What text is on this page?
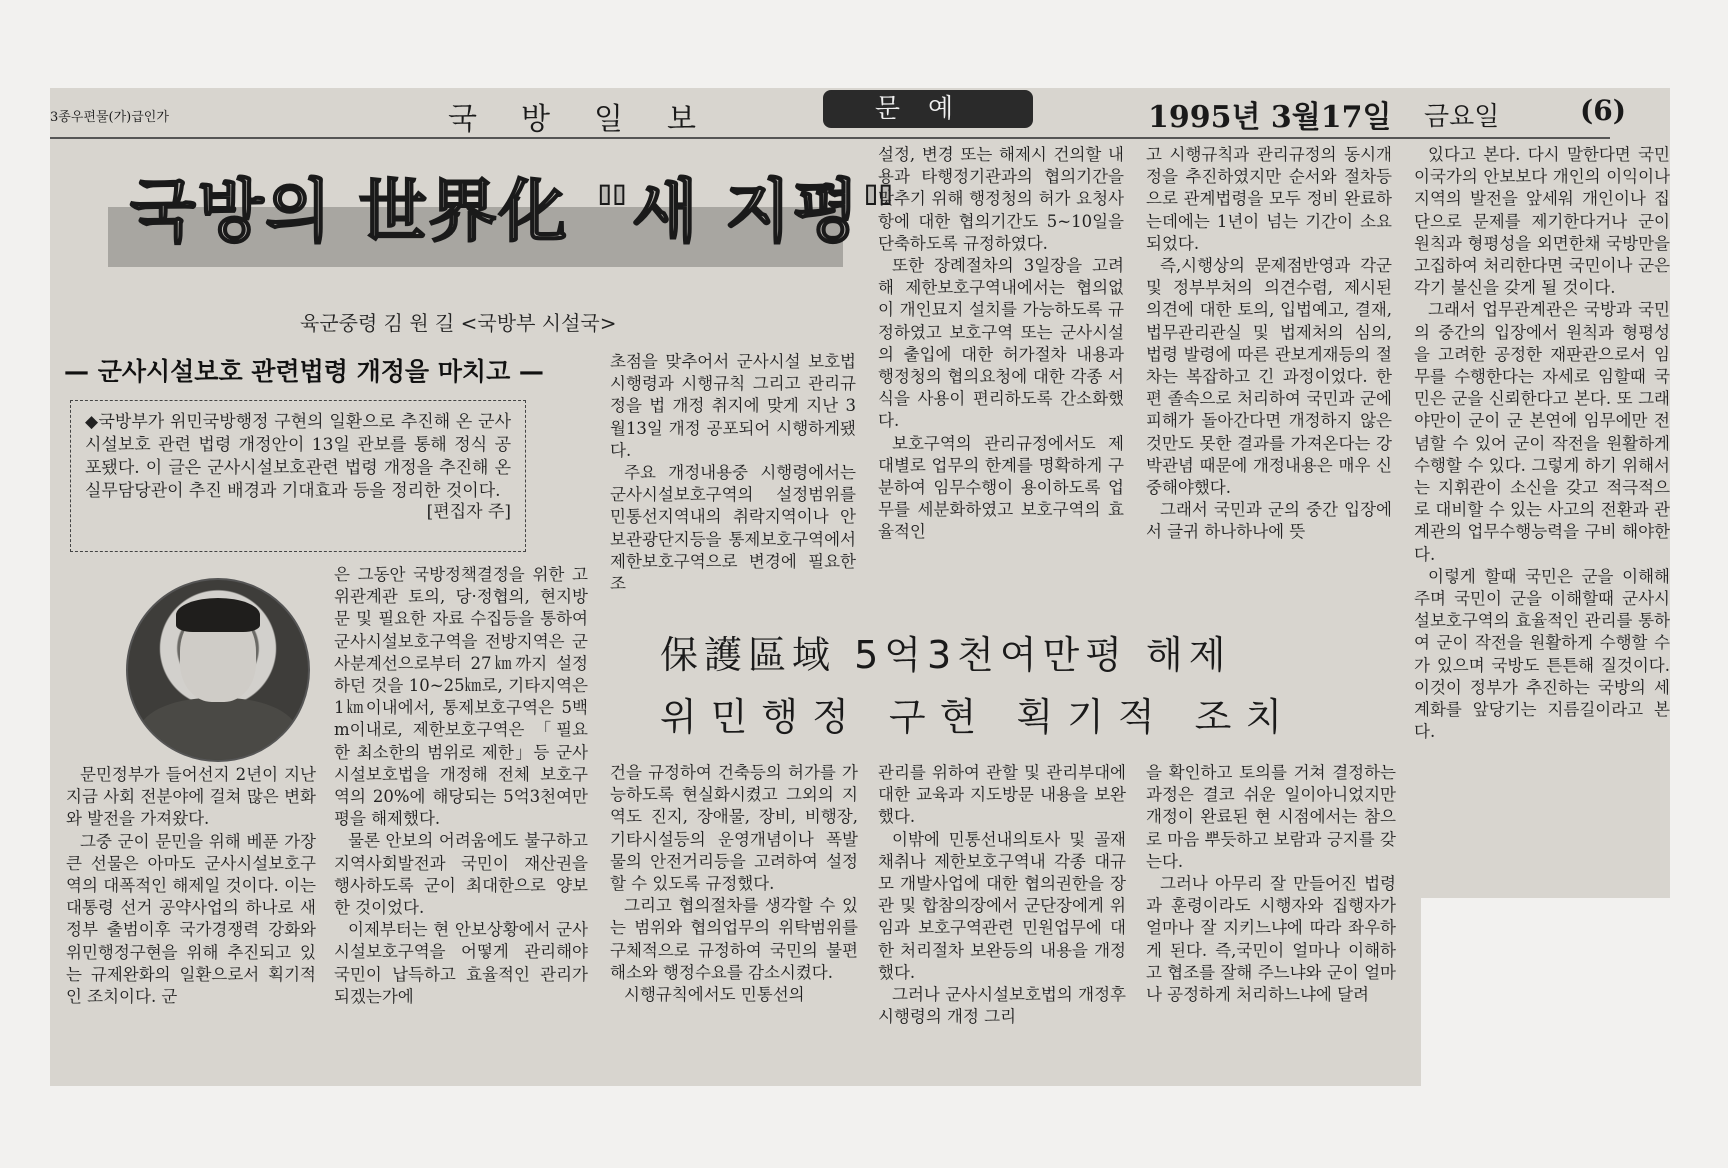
3종우편물(가)급인가	국방일보	1995년 3월17일 금요일	(6)
문예
국방의 世界化 "새 지평"
육군중령 김 원 길 <국방부 시설국>
— 군사시설보호 관련법령 개정을 마치고 —
◆국방부가 위민국방행정 구현의 일환으로 추진해 온 군사시설보호 관련 법령 개정안이 13일 관보를 통해 정식 공포됐다. 이 글은 군사시설보호관련 법령 개정을 추진해 온 실무담당관이 추진 배경과 기대효과 등을 정리한 것이다.
[편집자 주]

문민정부가 들어선지 2년이 지난 지금 사회 전분야에 걸쳐 많은 변화와 발전을 가져왔다.

그중 군이 문민을 위해 베푼 가장 큰 선물은 아마도 군사시설보호구역의 대폭적인 해제일 것이다. 이는 대통령 선거 공약사업의 하나로 새정부 출범이후 국가경쟁력 강화와 위민행정구현을 위해 추진되고 있는 규제완화의 일환으로서 획기적인 조치이다. 군

은 그동안 국방정책결정을 위한 고위관계관 토의, 당·정협의, 현지방문 및 필요한 자료 수집등을 통하여 군사시설보호구역을 전방지역은 군사분계선으로부터 27㎞까지 설정하던 것을 10~25㎞로, 기타지역은 1㎞이내에서, 통제보호구역은 5백m이내로, 제한보호구역은 「필요한 최소한의 범위로 제한」등 군사시설보호법을 개정해 전체 보호구역의 20%에 해당되는 5억3천여만평을 해제했다.

물론 안보의 어려움에도 불구하고 지역사회발전과 국민이 재산권을 행사하도록 군이 최대한으로 양보한 것이었다.

이제부터는 현 안보상황에서 군사시설보호구역을 어떻게 관리해야 국민이 납득하고 효율적인 관리가 되겠는가에

초점을 맞추어서 군사시설 보호법 시행령과 시행규칙 그리고 관리규정을 법 개정 취지에 맞게 지난 3월13일 개정 공포되어 시행하게됐다.

주요 개정내용중 시행령에서는 군사시설보호구역의 설정범위를 민통선지역내의 취락지역이나 안보관광단지등을 통제보호구역에서 제한보호구역으로 변경에 필요한 조

설정, 변경 또는 해제시 건의할 내용과 타행정기관과의 협의기간을 맞추기 위해 행정청의 허가 요청사항에 대한 협의기간도 5~10일을 단축하도록 규정하였다.

또한 장례절차의 3일장을 고려해 제한보호구역내에서는 협의없이 개인묘지 설치를 가능하도록 규정하였고 보호구역 또는 군사시설의 출입에 대한 허가절차 내용과 행정청의 협의요청에 대한 각종 서식을 사용이 편리하도록 간소화했다.

보호구역의 관리규정에서도 제대별로 업무의 한계를 명확하게 구분하여 임무수행이 용이하도록 업무를 세분화하였고 보호구역의 효율적인

고 시행규칙과 관리규정의 동시개정을 추진하였지만 순서와 절차등으로 관계법령을 모두 정비 완료하는데에는 1년이 넘는 기간이 소요되었다.

즉,시행상의 문제점반영과 각군 및 정부부처의 의견수렴, 제시된 의견에 대한 토의, 입법예고, 결재, 법무관리관실 및 법제처의 심의, 법령 발령에 따른 관보게재등의 절차는 복잡하고 긴 과정이었다. 한편 졸속으로 처리하여 국민과 군에 피해가 돌아간다면 개정하지 않은 것만도 못한 결과를 가져온다는 강박관념 때문에 개정내용은 매우 신중해야했다.

그래서 국민과 군의 중간 입장에서 글귀 하나하나에 뜻

있다고 본다. 다시 말한다면 국민이국가의 안보보다 개인의 이익이나 지역의 발전을 앞세워 개인이나 집단으로 문제를 제기한다거나 군이 원칙과 형평성을 외면한채 국방만을 고집하여 처리한다면 국민이나 군은 각기 불신을 갖게 될 것이다.

그래서 업무관계관은 국방과 국민의 중간의 입장에서 원칙과 형평성을 고려한 공정한 재판관으로서 임무를 수행한다는 자세로 임할때 국민은 군을 신뢰한다고 본다. 또 그래야만이 군이 군 본연에 임무에만 전념할 수 있어 군이 작전을 원활하게 수행할 수 있다. 그렇게 하기 위해서는 지휘관이 소신을 갖고 적극적으로 대비할 수 있는 사고의 전환과 관계관의 업무수행능력을 구비 해야한다.

이렇게 할때 국민은 군을 이해해주며 국민이 군을 이해할때 군사시설보호구역의 효율적인 관리를 통하여 군이 작전을 원활하게 수행할 수가 있으며 국방도 튼튼해 질것이다. 이것이 정부가 추진하는 국방의 세계화를 앞당기는 지름길이라고 본다.

保護區域 5억3천여만평 해제
위민행정 구현 획기적 조치

건을 규정하여 건축등의 허가를 가능하도록 현실화시켰고 그외의 지역도 진지, 장애물, 장비, 비행장, 기타시설등의 운영개념이나 폭발물의 안전거리등을 고려하여 설정할 수 있도록 규정했다.

그리고 협의절차를 생각할 수 있는 범위와 협의업무의 위탁범위를 구체적으로 규정하여 국민의 불편해소와 행정수요를 감소시켰다.

시행규칙에서도 민통선의

관리를 위하여 관할 및 관리부대에 대한 교육과 지도방문 내용을 보완했다.

이밖에 민통선내의토사 및 골재채취나 제한보호구역내 각종 대규모 개발사업에 대한 협의권한을 장관 및 합참의장에서 군단장에게 위임과 보호구역관련 민원업무에 대한 처리절차 보완등의 내용을 개정했다.

그러나 군사시설보호법의 개정후 시행령의 개정 그리

을 확인하고 토의를 거쳐 결정하는 과정은 결코 쉬운 일이아니었지만 개정이 완료된 현 시점에서는 참으로 마음 뿌듯하고 보람과 긍지를 갖는다.

그러나 아무리 잘 만들어진 법령과 훈령이라도 시행자와 집행자가 얼마나 잘 지키느냐에 따라 좌우하게 된다. 즉,국민이 얼마나 이해하고 협조를 잘해 주느냐와 군이 얼마나 공정하게 처리하느냐에 달려
